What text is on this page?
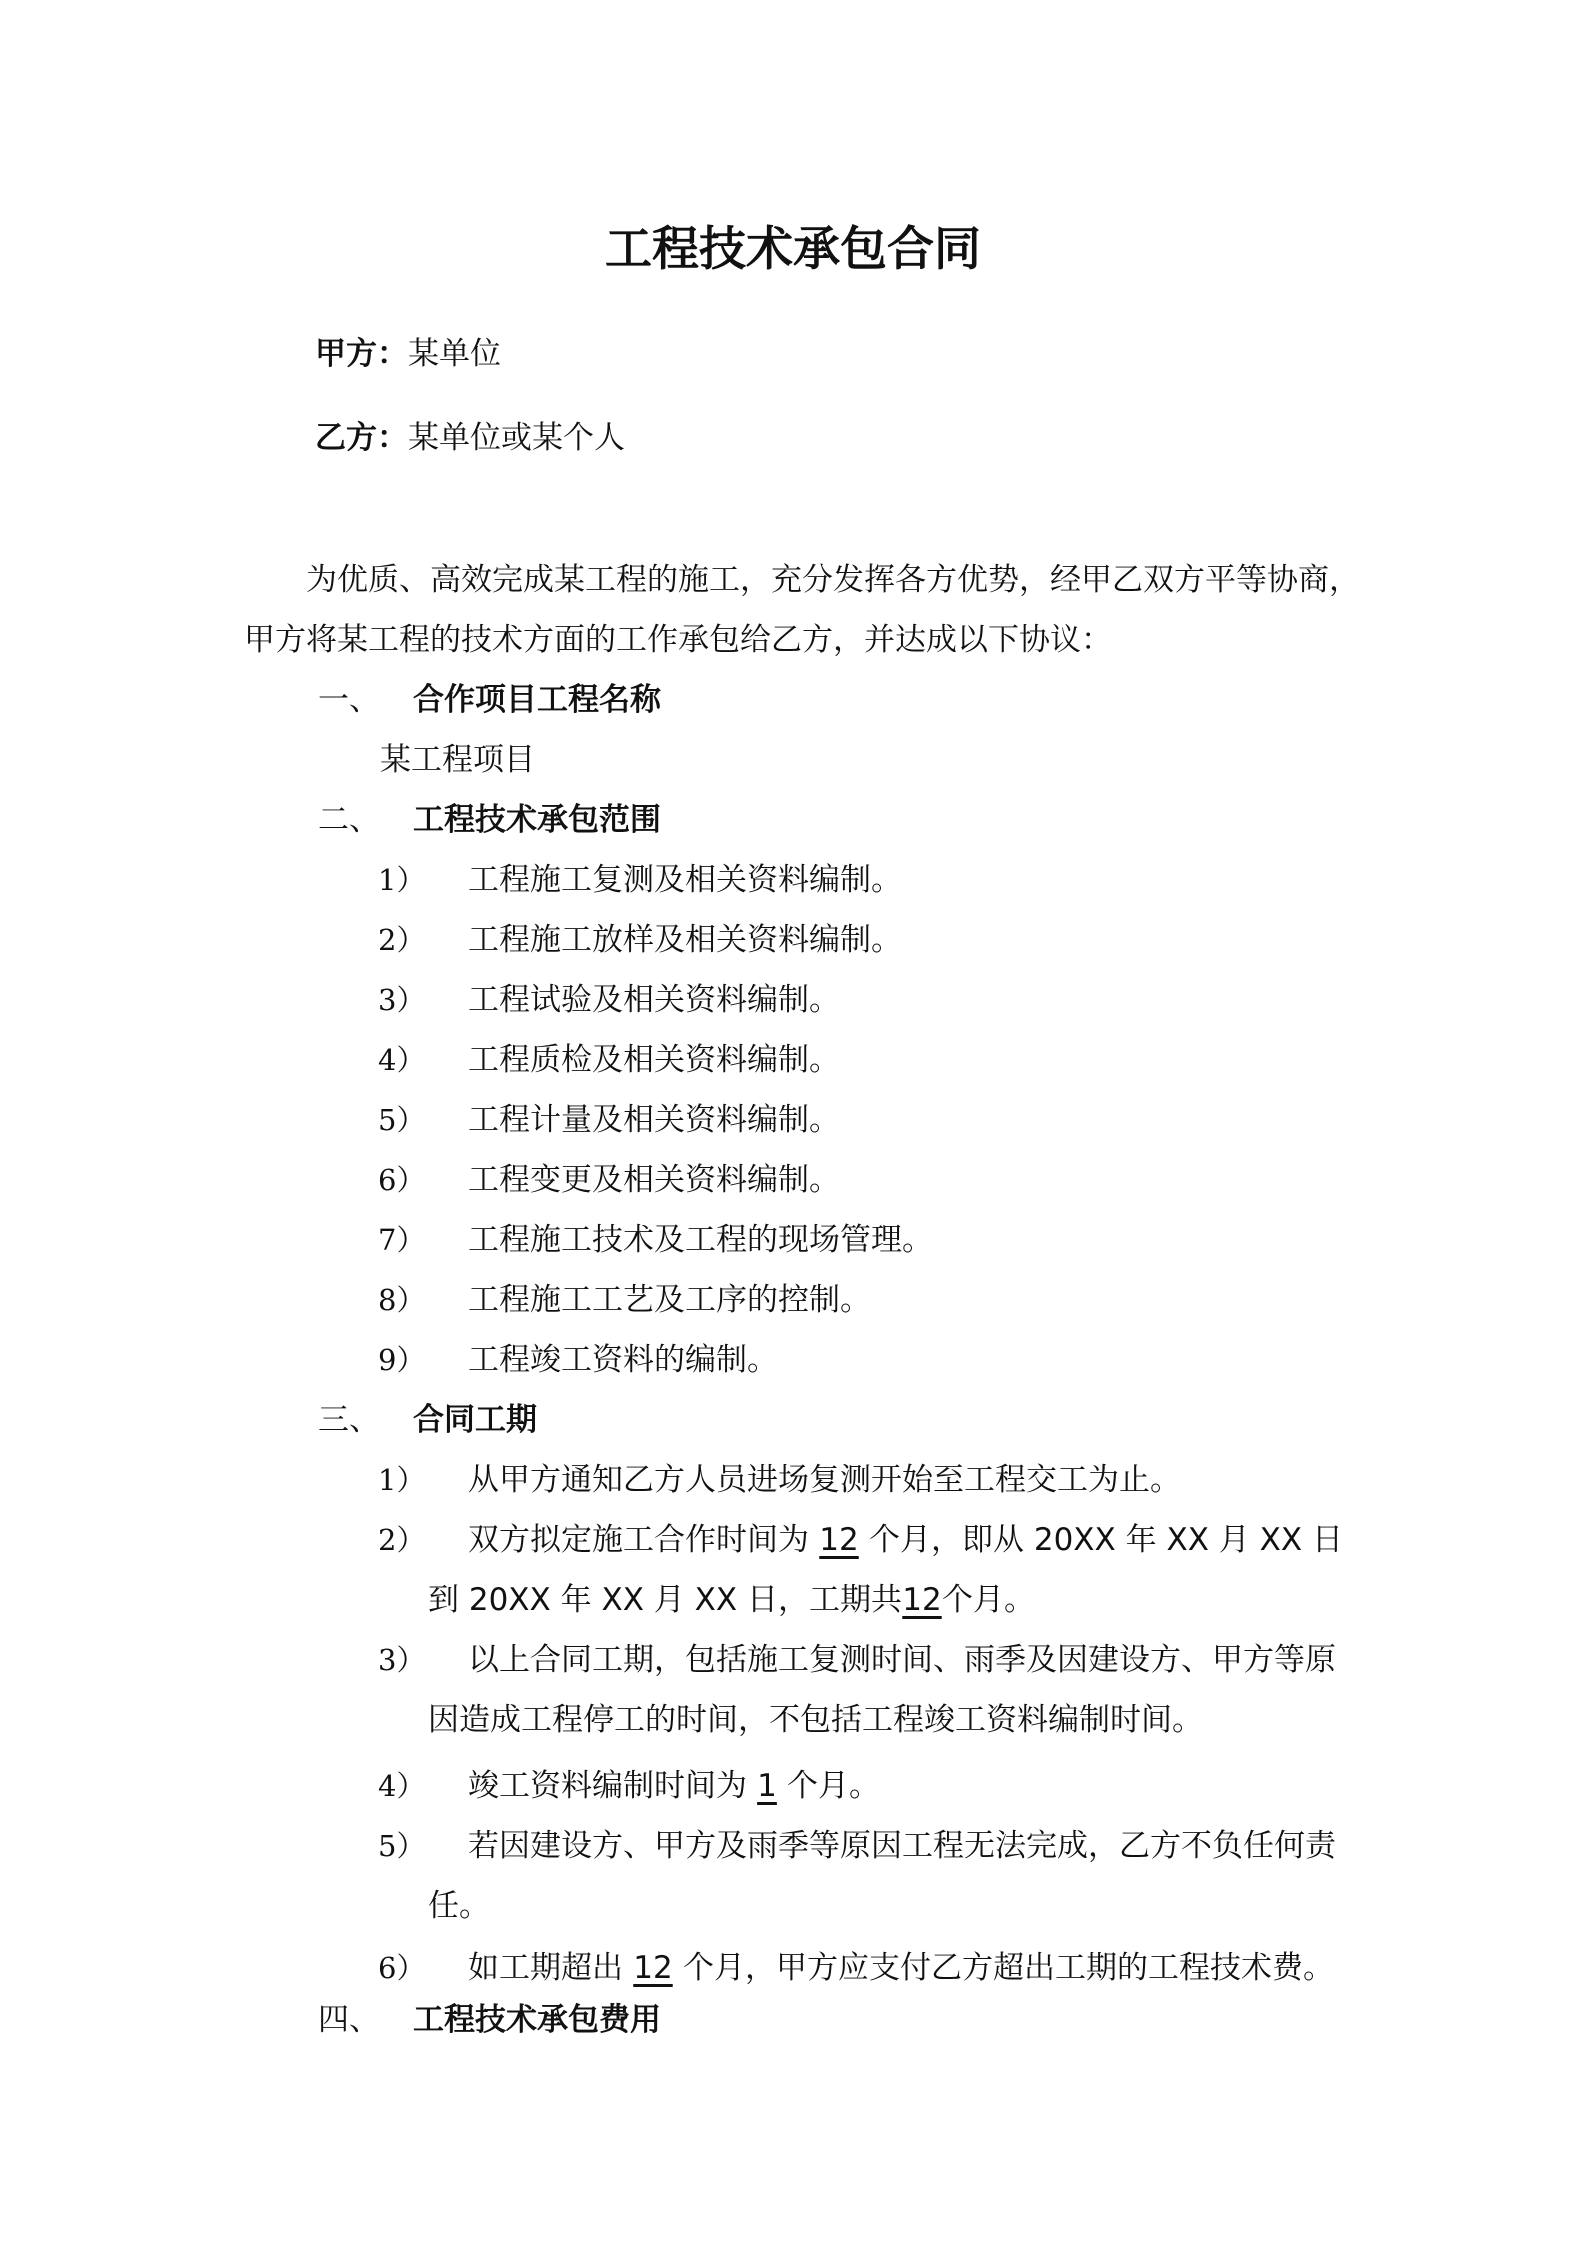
工程技术承包合同
甲方：某单位
乙方：某单位或某个人
为优质、高效完成某工程的施工，充分发挥各方优势，经甲乙双方平等协商，
甲方将某工程的技术方面的工作承包给乙方，并达成以下协议：
一、	合作项目工程名称
某工程项目
二、	工程技术承包范围
1） 工程施工复测及相关资料编制。
2） 工程施工放样及相关资料编制。
3） 工程试验及相关资料编制。
4） 工程质检及相关资料编制。
5） 工程计量及相关资料编制。
6） 工程变更及相关资料编制。
7） 工程施工技术及工程的现场管理。
8） 工程施工工艺及工序的控制。
9） 工程竣工资料的编制。
三、	合同工期
1） 从甲方通知乙方人员进场复测开始至工程交工为止。
2） 双方拟定施工合作时间为 12 个月，即从 20XX 年 XX 月 XX 日
到 20XX 年 XX 月 XX 日，工期共12个月。
3） 以上合同工期，包括施工复测时间、雨季及因建设方、甲方等原
因造成工程停工的时间，不包括工程竣工资料编制时间。
4） 竣工资料编制时间为 1 个月。
5） 若因建设方、甲方及雨季等原因工程无法完成，乙方不负任何责
任。
6） 如工期超出 12 个月，甲方应支付乙方超出工期的工程技术费。
四、	工程技术承包费用
